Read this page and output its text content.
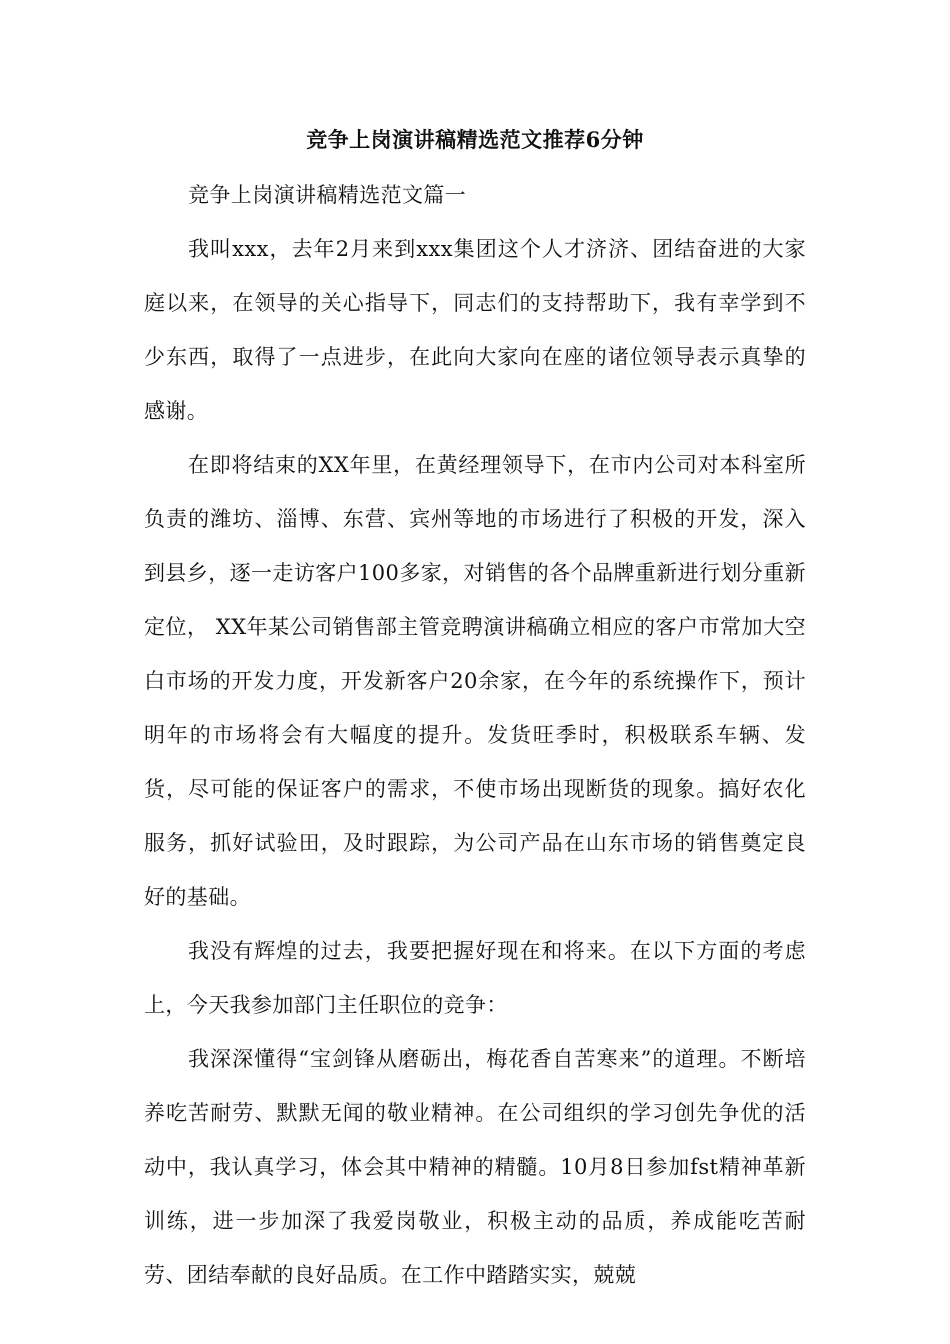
竞争上岗演讲稿精选范文推荐6分钟

竞争上岗演讲稿精选范文篇一

我叫xxx，去年2月来到xxx集团这个人才济济、团结奋进的大家庭以来，在领导的关心指导下，同志们的支持帮助下，我有幸学到不少东西，取得了一点进步，在此向大家向在座的诸位领导表示真挚的感谢。

在即将结束的XX年里，在黄经理领导下，在市内公司对本科室所负责的潍坊、淄博、东营、宾州等地的市场进行了积极的开发，深入到县乡，逐一走访客户100多家，对销售的各个品牌重新进行划分重新定位， XX年某公司销售部主管竞聘演讲稿确立相应的客户市常加大空白市场的开发力度，开发新客户20余家，在今年的系统操作下，预计明年的市场将会有大幅度的提升。发货旺季时，积极联系车辆、发货，尽可能的保证客户的需求，不使市场出现断货的现象。搞好农化服务，抓好试验田，及时跟踪，为公司产品在山东市场的销售奠定良好的基础。

我没有辉煌的过去，我要把握好现在和将来。在以下方面的考虑上，今天我参加部门主任职位的竞争：

我深深懂得“宝剑锋从磨砺出，梅花香自苦寒来”的道理。不断培养吃苦耐劳、默默无闻的敬业精神。在公司组织的学习创先争优的活动中，我认真学习，体会其中精神的精髓。10月8日参加fst精神革新训练，进一步加深了我爱岗敬业，积极主动的品质，养成能吃苦耐劳、团结奉献的良好品质。在工作中踏踏实实，兢兢
